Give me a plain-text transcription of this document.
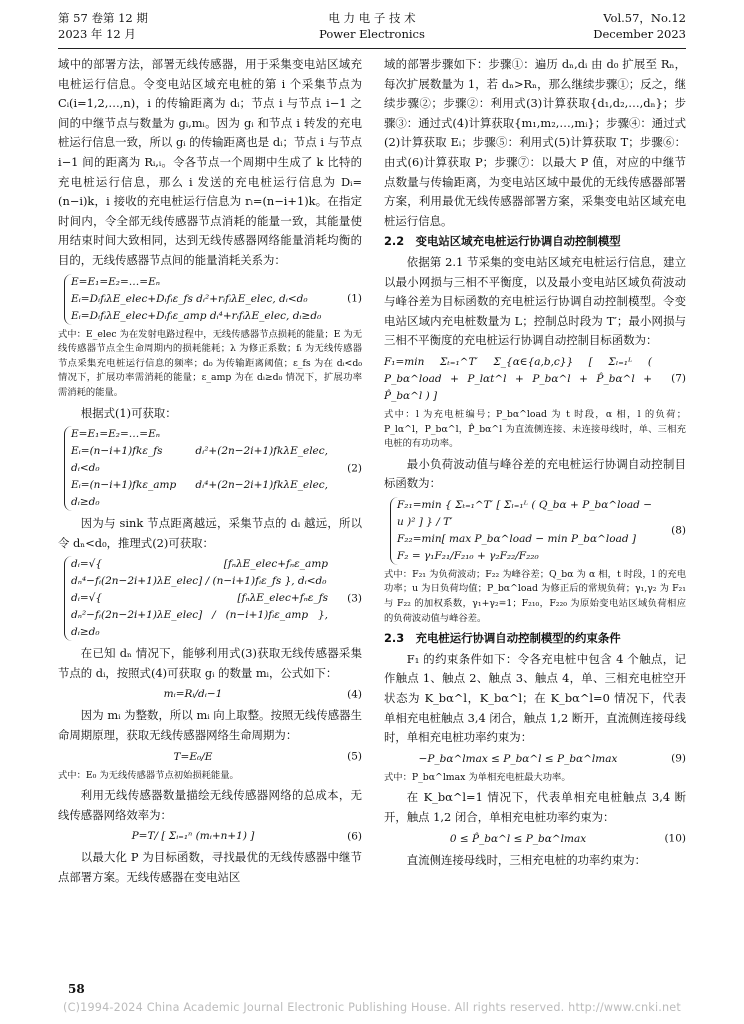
第 57 卷第 12 期
2023 年 12 月
电 力 电 子 技 术
Power Electronics
Vol.57，No.12
December 2023

域中的部署方法，部署无线传感器，用于采集变电站区域充电桩运行信息。令变电站区域充电桩的第 i 个采集节点为 Cᵢ(i=1,2,…,n)，i 的传输距离为 dᵢ；节点 i 与节点 i−1 之间的中继节点与数量为 gᵢ,mᵢ。因为 gᵢ 和节点 i 转发的充电桩运行信息一致，所以 gᵢ 的传输距离也是 dᵢ；节点 i 与节点 i−1 间的距离为 Rᵢ,ᵢ。令各节点一个周期中生成了 k 比特的充电桩运行信息，那么 i 发送的充电桩运行信息为 Dᵢ=(n−i)k，i 接收的充电桩运行信息为 rᵢ=(n−i+1)k。在指定时间内，令全部无线传感器节点消耗的能量一致，其能量使用结束时间大致相同，达到无线传感器网络能量消耗均衡的目的，无线传感器节点间的能量消耗关系为：

E=E₁=E₂=…=Eₙ
Eᵢ=DᵢfᵢλE_elec+Dᵢfᵢε_fs dᵢ²+rᵢfᵢλE_elec, dᵢ<d₀
Eᵢ=DᵢfᵢλE_elec+Dᵢfᵢε_amp dᵢ⁴+rᵢfᵢλE_elec, dᵢ≥d₀
(1)

式中：E_elec 为在发射电路过程中，无线传感器节点损耗的能量；E 为无线传感器节点全生命周期内的损耗能耗；λ 为修正系数；fᵢ 为无线传感器节点采集充电桩运行信息的频率；d₀ 为传输距离阈值；ε_fs 为在 dᵢ<d₀ 情况下，扩展功率需消耗的能量；ε_amp 为在 dᵢ≥d₀ 情况下，扩展功率需消耗的能量。

根据式(1)可获取：

E=E₁=E₂=…=Eₙ
Eᵢ=(n−i+1)fkε_fs dᵢ²+(2n−2i+1)fkλE_elec, dᵢ<d₀
Eᵢ=(n−i+1)fkε_amp dᵢ⁴+(2n−2i+1)fkλE_elec, dᵢ≥d₀
(2)

因为与 sink 节点距离越远，采集节点的 dᵢ 越远，所以令 dₙ<d₀，推理式(2)可获取：

dᵢ=√{ [fₙλE_elec+fₙε_amp dₙ⁴−fᵢ(2n−2i+1)λE_elec] / (n−i+1)fᵢε_fs }, dᵢ<d₀
dᵢ=√{ [fₙλE_elec+fₙε_fs dₙ²−fᵢ(2n−2i+1)λE_elec] / (n−i+1)fᵢε_amp }, dᵢ≥d₀
(3)

在已知 dₙ 情况下，能够利用式(3)获取无线传感器采集节点的 dᵢ，按照式(4)可获取 gᵢ 的数量 mᵢ，公式如下：

mᵢ=Rᵢ/dᵢ−1	(4)

因为 mᵢ 为整数，所以 mᵢ 向上取整。按照无线传感器生命周期原理，获取无线传感器网络生命周期为：

T=E₀/E	(5)

式中：E₀ 为无线传感器节点初始损耗能量。

利用无线传感器数量描绘无线传感器网络的总成本，无线传感器网络效率为：

P=T/ [ Σᵢ₌₁ⁿ (mᵢ+n+1) ]	(6)

以最大化 P 为目标函数，寻找最优的无线传感器中继节点部署方案。无线传感器在变电站区

域的部署步骤如下：步骤①：遍历 dₙ,dᵢ 由 d₀ 扩展至 Rₙ，每次扩展数量为 1，若 dₙ>Rₙ，那么继续步骤①；反之，继续步骤②；步骤②：利用式(3)计算获取{d₁,d₂,…,dₙ}；步骤③：通过式(4)计算获取{m₁,m₂,…,mᵢ}；步骤④：通过式(2)计算获取 Eᵢ；步骤⑤：利用式(5)计算获取 T；步骤⑥：由式(6)计算获取 P；步骤⑦：以最大 P 值，对应的中继节点数量与传输距离，为变电站区域中最优的无线传感器部署方案，利用最优无线传感器部署方案，采集变电站区域充电桩运行信息。

2.2　变电站区域充电桩运行协调自动控制模型

依据第 2.1 节采集的变电站区域充电桩运行信息，建立以最小网损与三相不平衡度，以及最小变电站区域负荷波动与峰谷差为目标函数的充电桩运行协调自动控制模型。令变电站区域内充电桩数量为 L；控制总时段为 T′；最小网损与三相不平衡度的充电桩运行协调自动控制目标函数为：

F₁=min Σₜ₌₁^T′ Σ_{α∈{a,b,c}} [ Σₗ₌₁ᴸ ( P_bα^load + P_lαt^l + P_bα^l + P̂_bα^l + P̂_bα^l ) ]
(7)

式中：l 为充电桩编号；P_bα^load 为 t 时段，α 相，l 的负荷；P_lα^l，P_bα^l，P̂_bα^l 为直流侧连接、未连接母线时，单、三相充电桩的有功功率。

最小负荷波动值与峰谷差的充电桩运行协调自动控制目标函数为：

F₂₁=min { Σₜ₌₁^T′ [ Σₗ₌₁ᴸ ( Q_bα + P_bα^load − u )² ] } / T′
F₂₂=min[ max P_bα^load − min P_bα^load ]
F₂ = γ₁F₂₁/F₂₁₀ + γ₂F₂₂/F₂₂₀
(8)

式中：F₂₁ 为负荷波动；F₂₂ 为峰谷差；Q_bα 为 α 相，t 时段，l 的充电功率；u 为日负荷均值；P_bα^load 为修正后的常规负荷；γ₁,γ₂ 为 F₂₁ 与 F₂₂ 的加权系数，γ₁+γ₂=1；F₂₁₀，F₂₂₀ 为原始变电站区域负荷相应的负荷波动值与峰谷差。

2.3　充电桩运行协调自动控制模型的约束条件

F₁ 的约束条件如下：令各充电桩中包含 4 个触点，记作触点 1、触点 2、触点 3、触点 4，单、三相充电桩空开状态为 K_bα^l，K_bα^l；在 K_bα^l=0 情况下，代表单相充电桩触点 3,4 闭合，触点 1,2 断开，直流侧连接母线时，单相充电桩功率约束为：

−P_bα^lmax ≤ P_bα^l ≤ P_bα^lmax	(9)

式中：P_bα^lmax 为单相充电桩最大功率。

在 K_bα^l=1 情况下，代表单相充电桩触点 3,4 断开，触点 1,2 闭合，单相充电桩功率约束为：

0 ≤ P̂_bα^l ≤ P_bα^lmax	(10)

直流侧连接母线时，三相充电桩的功率约束为：

58
(C)1994-2024 China Academic Journal Electronic Publishing House. All rights reserved. http://www.cnki.net
